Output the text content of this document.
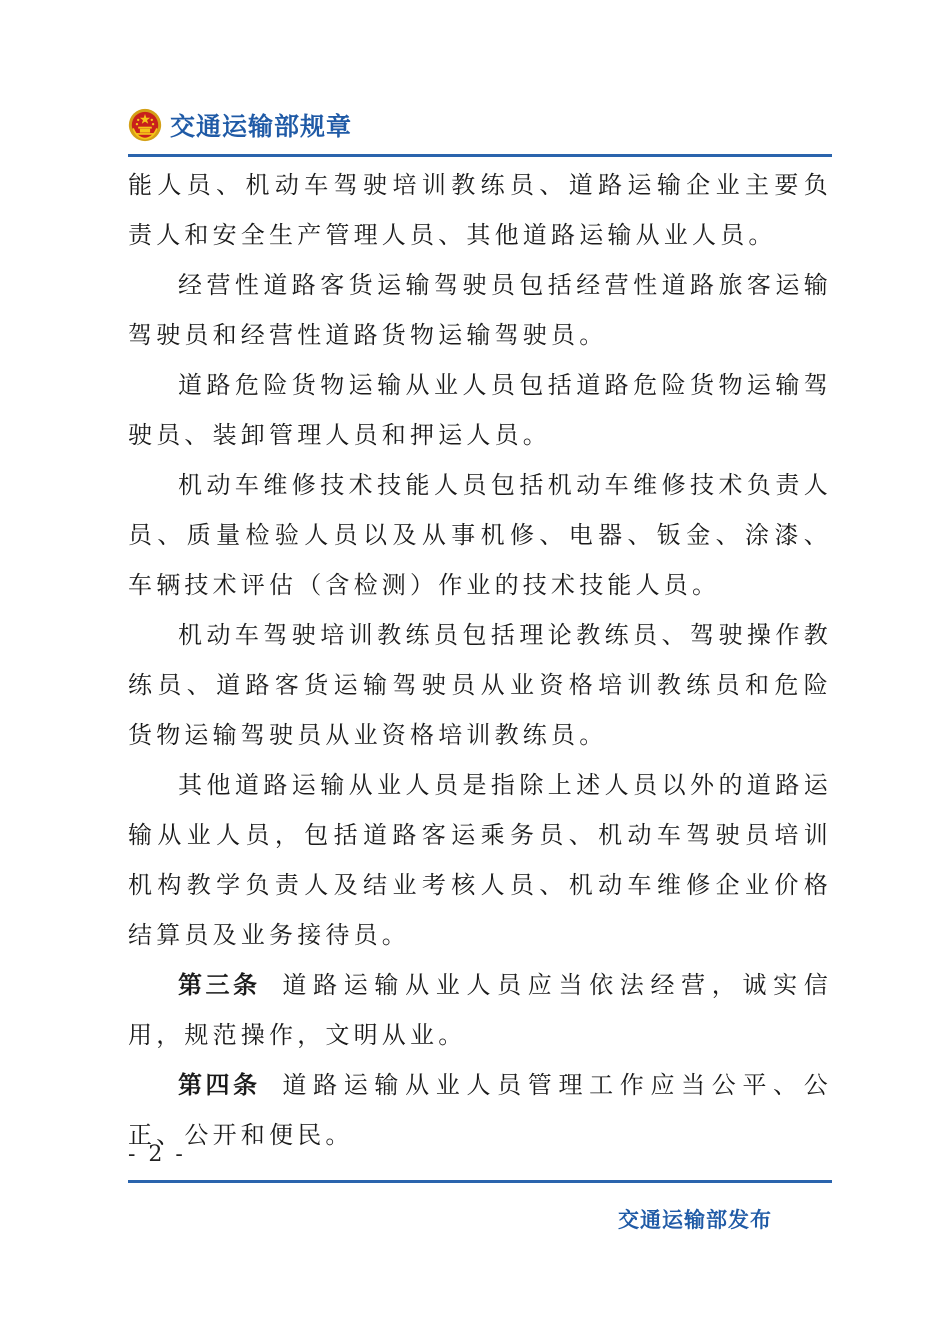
交通运输部规章

能人员、机动车驾驶培训教练员、道路运输企业主要负责人和安全生产管理人员、其他道路运输从业人员。

经营性道路客货运输驾驶员包括经营性道路旅客运输驾驶员和经营性道路货物运输驾驶员。

道路危险货物运输从业人员包括道路危险货物运输驾驶员、装卸管理人员和押运人员。

机动车维修技术技能人员包括机动车维修技术负责人员、质量检验人员以及从事机修、电器、钣金、涂漆、车辆技术评估（含检测）作业的技术技能人员。

机动车驾驶培训教练员包括理论教练员、驾驶操作教练员、道路客货运输驾驶员从业资格培训教练员和危险货物运输驾驶员从业资格培训教练员。

其他道路运输从业人员是指除上述人员以外的道路运输从业人员，包括道路客运乘务员、机动车驾驶员培训机构教学负责人及结业考核人员、机动车维修企业价格结算员及业务接待员。

第三条 道路运输从业人员应当依法经营，诚实信用，规范操作，文明从业。

第四条 道路运输从业人员管理工作应当公平、公正、公开和便民。

- 2 -
交通运输部发布
